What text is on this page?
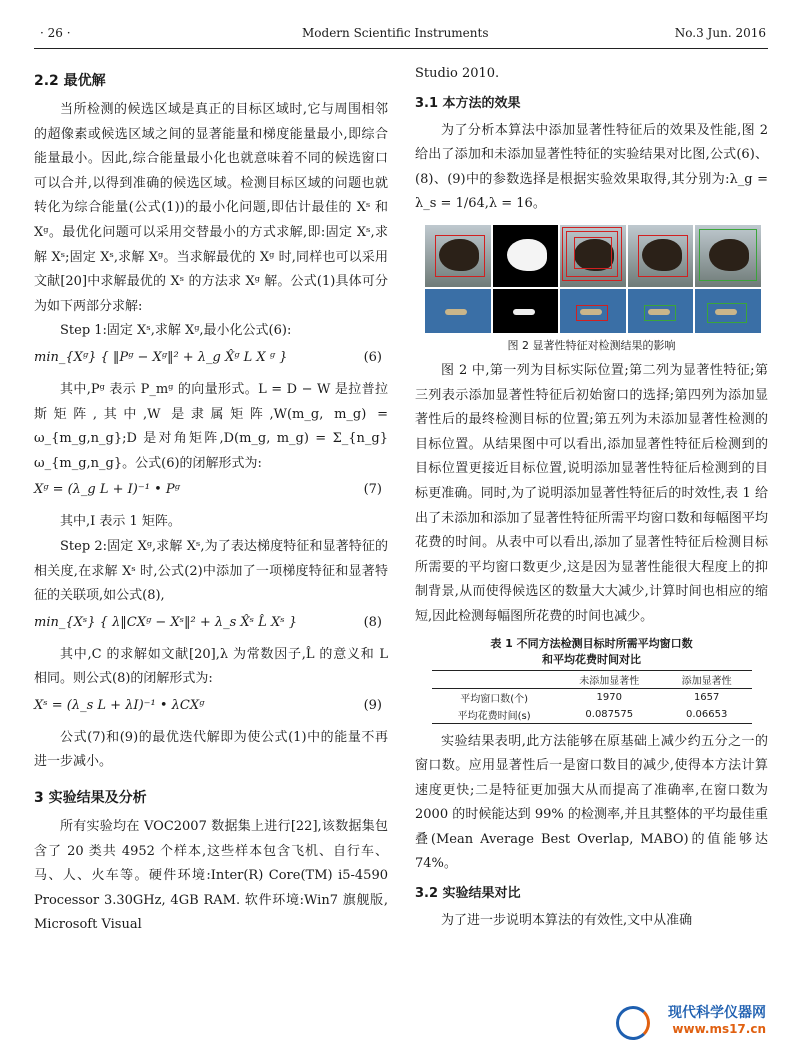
· 26 ·	Modern Scientific Instruments	No.3 Jun. 2016
2.2 最优解

当所检测的候选区域是真正的目标区域时,它与周围相邻的超像素或候选区域之间的显著能量和梯度能量最小,即综合能量最小。因此,综合能量最小化也就意味着不同的候选窗口可以合并,以得到准确的候选区域。检测目标区域的问题也就转化为综合能量(公式(1))的最小化问题,即估计最佳的 Xˢ 和 Xᵍ。最优化问题可以采用交替最小的方式求解,即:固定 Xˢ,求解 Xˢ;固定 Xˢ,求解 Xᵍ。当求解最优的 Xᵍ 时,同样也可以采用文献[20]中求解最优的 Xˢ 的方法求 Xᵍ 解。公式(1)具体可分为如下两部分求解:

Step 1:固定 Xˢ,求解 Xᵍ,最小化公式(6):

min_{Xᵍ} { ‖Pᵍ − Xᵍ‖² + λ_g X̂ᵍ L X ᵍ }	(6)

其中,Pᵍ 表示 P_mᵍ 的向量形式。L = D − W 是拉普拉斯矩阵,其中,W 是隶属矩阵,W(m_g, m_g) = ω_{m_g,n_g};D 是对角矩阵,D(m_g, m_g) = Σ_{n_g} ω_{m_g,n_g}。公式(6)的闭解形式为:

Xᵍ = (λ_g L + I)⁻¹ • Pᵍ	(7)

其中,I 表示 1 矩阵。

Step 2:固定 Xᵍ,求解 Xˢ,为了表达梯度特征和显著特征的相关度,在求解 Xˢ 时,公式(2)中添加了一项梯度特征和显著特征的关联项,如公式(8),

min_{Xˢ} { λ‖CXᵍ − Xˢ‖² + λ_s X̂ˢ L̂ Xˢ }	(8)

其中,C 的求解如文献[20],λ 为常数因子,L̂ 的意义和 L 相同。则公式(8)的闭解形式为:

Xˢ = (λ_s L + λI)⁻¹ • λCXᵍ	(9)

公式(7)和(9)的最优迭代解即为使公式(1)中的能量不再进一步减小。

3 实验结果及分析

所有实验均在 VOC2007 数据集上进行[22],该数据集包含了 20 类共 4952 个样本,这些样本包含飞机、自行车、马、人、火车等。硬件环境:Inter(R) Core(TM) i5-4590 Processor 3.30GHz, 4GB RAM. 软件环境:Win7 旗舰版, Microsoft Visual

Studio 2010.

3.1 本方法的效果

为了分析本算法中添加显著性特征后的效果及性能,图 2 给出了添加和未添加显著性特征的实验结果对比图,公式(6)、(8)、(9)中的参数选择是根据实验效果取得,其分别为:λ_g = λ_s = 1/64,λ = 16。

图 2 显著性特征对检测结果的影响

图 2 中,第一列为目标实际位置;第二列为显著性特征;第三列表示添加显著性特征后初始窗口的选择;第四列为添加显著性后的最终检测目标的位置;第五列为未添加显著性检测的目标位置。从结果图中可以看出,添加显著性特征后检测到的目标位置更接近目标位置,说明添加显著性特征后检测到的目标更准确。同时,为了说明添加显著性特征后的时效性,表 1 给出了未添加和添加了显著性特征所需平均窗口数和每幅图平均花费的时间。从表中可以看出,添加了显著性特征后检测目标所需要的平均窗口数更少,这是因为显著性能很大程度上的抑制背景,从而使得候选区的数量大大减少,计算时间也相应的缩短,因此检测每幅图所花费的时间也减少。

表 1 不同方法检测目标时所需平均窗口数
和平均花费时间对比
	未添加显著性	添加显著性
平均窗口数(个)	1970	1657
平均花费时间(s)	0.087575	0.06653

实验结果表明,此方法能够在原基础上减少约五分之一的窗口数。应用显著性后一是窗口数目的减少,使得本方法计算速度更快;二是特征更加强大从而提高了准确率,在窗口数为 2000 的时候能达到 99% 的检测率,并且其整体的平均最佳重叠(Mean Average Best Overlap, MABO)的值能够达 74%。

3.2 实验结果对比

为了进一步说明本算法的有效性,文中从准确

现代科学仪器网
www.ms17.cn
